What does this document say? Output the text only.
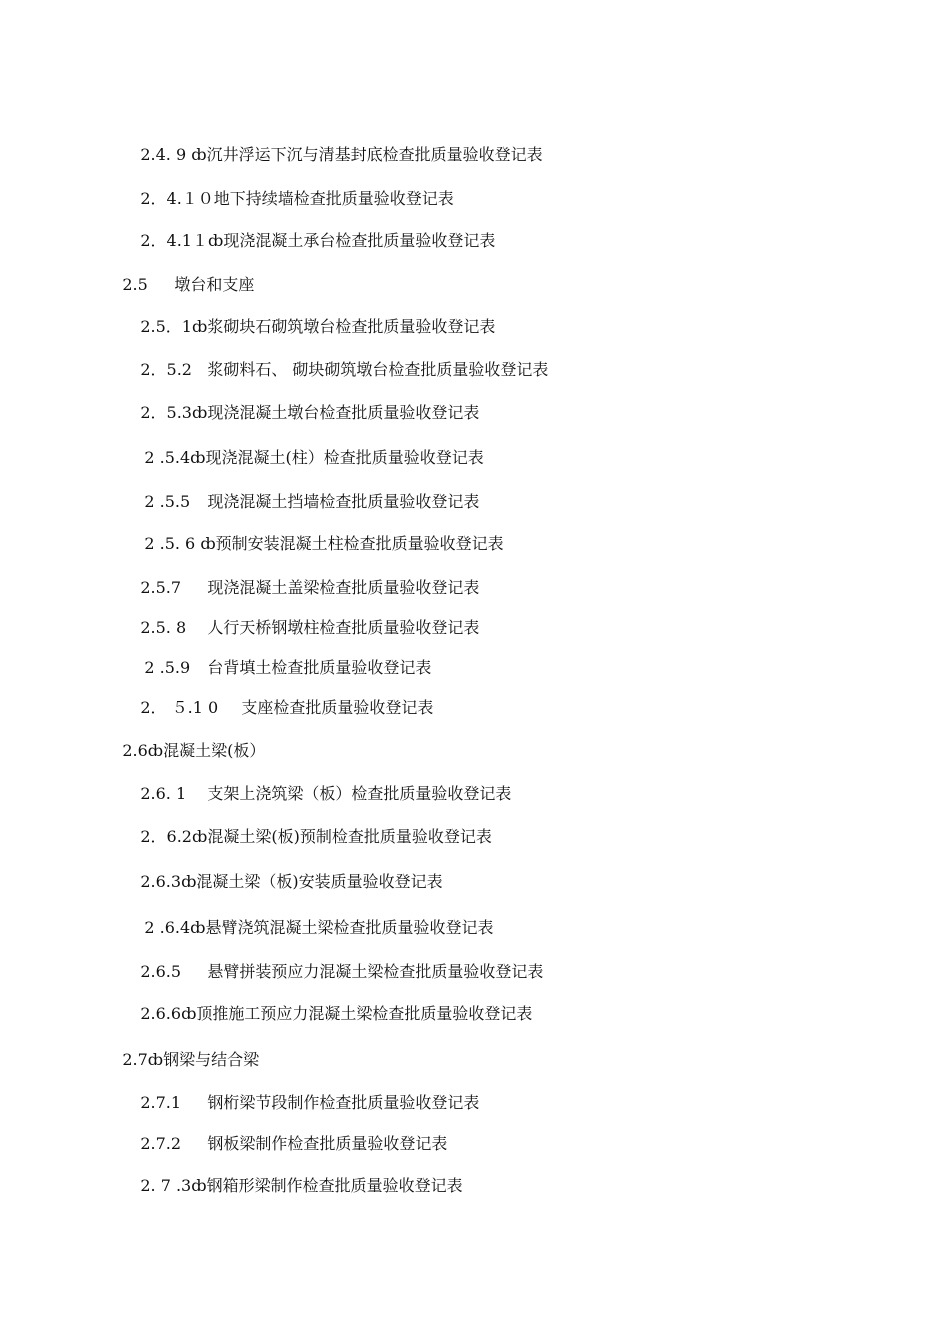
2.4. 9 ȸ沉井浮运下沉与清基封底检查批质量验收登记表

2．4.１０地下持续墙检查批质量验收登记表

2．4.1１ȸ现浇混凝土承台检查批质量验收登记表

2.5 墩台和支座

2.5．1ȸ浆砌块石砌筑墩台检查批质量验收登记表

2．5.2 浆砌料石、 砌块砌筑墩台检查批质量验收登记表

2．5.3ȸ现浇混凝土墩台检查批质量验收登记表

2 .5.4ȸ现浇混凝土(柱）检查批质量验收登记表

2 .5.5 现浇混凝土挡墙检查批质量验收登记表

2 .5. 6 ȸ预制安装混凝土柱检查批质量验收登记表

2.5.7 现浇混凝土盖梁检查批质量验收登记表

2.5. 8 人行天桥钢墩柱检查批质量验收登记表

2 .5.9 台背填土检查批质量验收登记表

2． ５.1 0 支座检查批质量验收登记表

2.6ȸ混凝土梁(板）

2.6. 1 支架上浇筑梁（板）检查批质量验收登记表

2．6.2ȸ混凝土梁(板)预制检查批质量验收登记表

2.6.3ȸ混凝土梁（板)安装质量验收登记表

2 .6.4ȸ悬臂浇筑混凝土梁检查批质量验收登记表

2.6.5 悬臂拼装预应力混凝土梁检查批质量验收登记表

2.6.6ȸ顶推施工预应力混凝土梁检查批质量验收登记表

2.7ȸ钢梁与结合梁

2.7.1 钢桁梁节段制作检查批质量验收登记表

2.7.2 钢板梁制作检查批质量验收登记表

2. 7 .3ȸ钢箱形梁制作检查批质量验收登记表
